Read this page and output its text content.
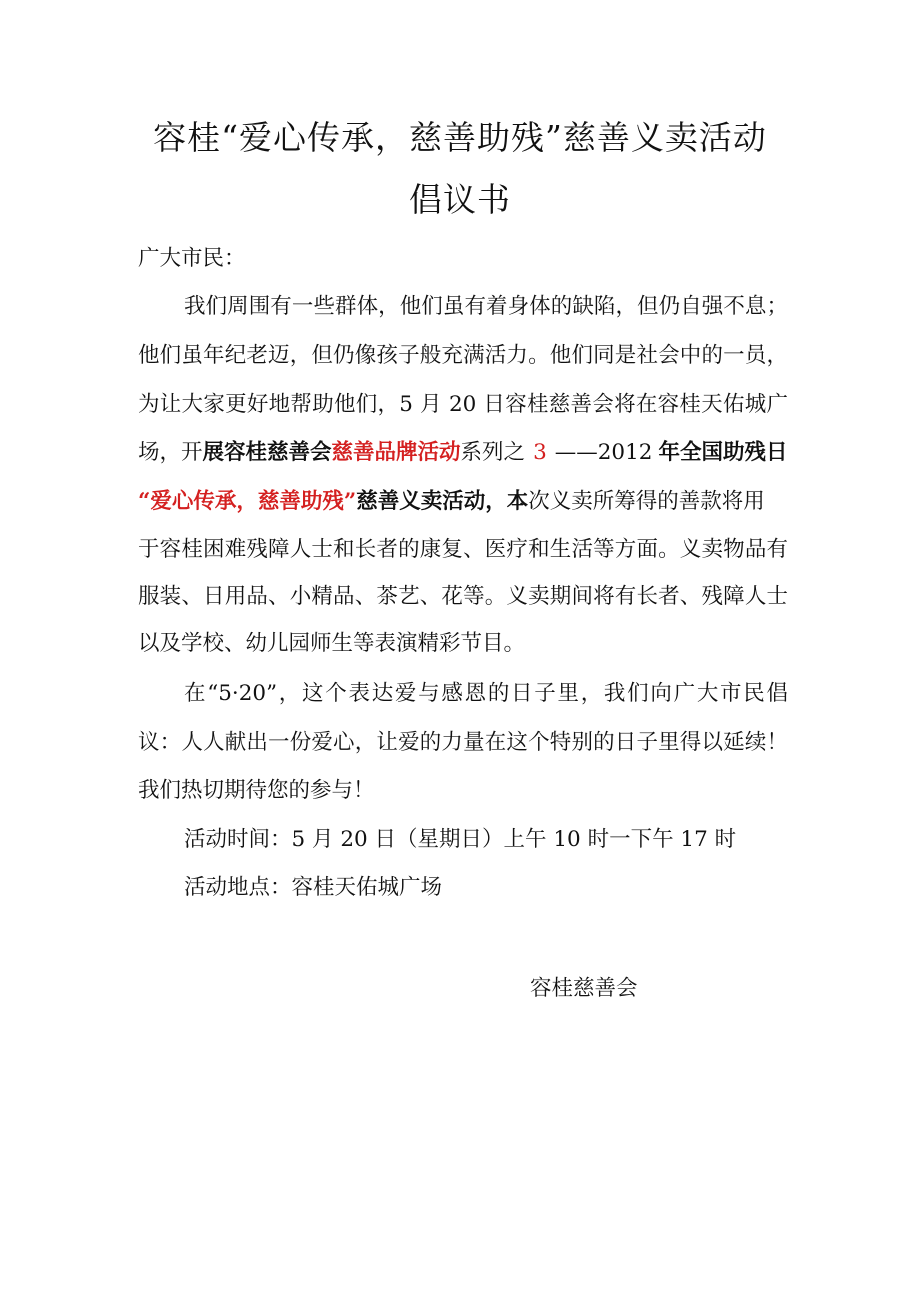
容桂“爱心传承，慈善助残”慈善义卖活动
倡议书
广大市民：
我们周围有一些群体，他们虽有着身体的缺陷，但仍自强不息；
他们虽年纪老迈，但仍像孩子般充满活力。他们同是社会中的一员，
为让大家更好地帮助他们，5 月 20 日容桂慈善会将在容桂天佑城广
场，开展容桂慈善会慈善品牌活动系列之 3 ——2012 年全国助残日
“爱心传承，慈善助残”慈善义卖活动，本次义卖所筹得的善款将用
于容桂困难残障人士和长者的康复、医疗和生活等方面。义卖物品有
服装、日用品、小精品、茶艺、花等。义卖期间将有长者、残障人士
以及学校、幼儿园师生等表演精彩节目。
在“5·20”，这个表达爱与感恩的日子里，我们向广大市民倡
议：人人献出一份爱心，让爱的力量在这个特别的日子里得以延续！
我们热切期待您的参与！
活动时间：5 月 20 日（星期日）上午 10 时一下午 17 时
活动地点：容桂天佑城广场
容桂慈善会
